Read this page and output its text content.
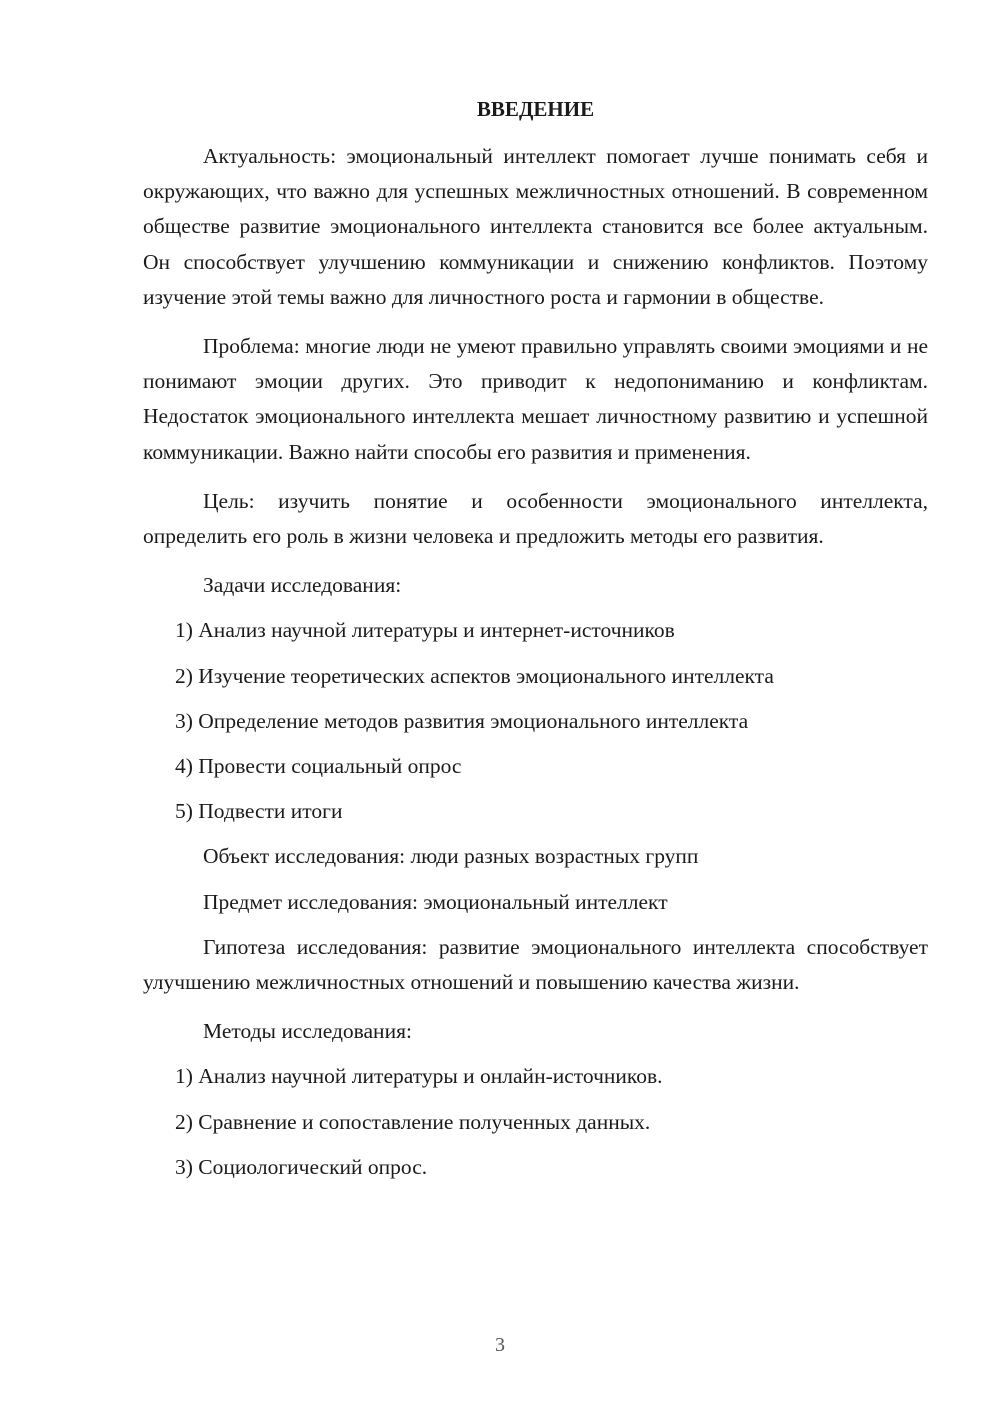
ВВЕДЕНИЕ

Актуальность: эмоциональный интеллект помогает лучше понимать себя и окружающих, что важно для успешных межличностных отношений. В современном обществе развитие эмоционального интеллекта становится все более актуальным. Он способствует улучшению коммуникации и снижению конфликтов. Поэтому изучение этой темы важно для личностного роста и гармонии в обществе.

Проблема: многие люди не умеют правильно управлять своими эмоциями и не понимают эмоции других. Это приводит к недопониманию и конфликтам. Недостаток эмоционального интеллекта мешает личностному развитию и успешной коммуникации. Важно найти способы его развития и применения.

Цель: изучить понятие и особенности эмоционального интеллекта, определить его роль в жизни человека и предложить методы его развития.

Задачи исследования:

1) Анализ научной литературы и интернет-источников

2) Изучение теоретических аспектов эмоционального интеллекта

3) Определение методов развития эмоционального интеллекта

4) Провести социальный опрос

5) Подвести итоги

Объект исследования: люди разных возрастных групп

Предмет исследования: эмоциональный интеллект

Гипотеза исследования: развитие эмоционального интеллекта способствует улучшению межличностных отношений и повышению качества жизни.

Методы исследования:

1) Анализ научной литературы и онлайн-источников.

2) Сравнение и сопоставление полученных данных.

3) Социологический опрос.

3
